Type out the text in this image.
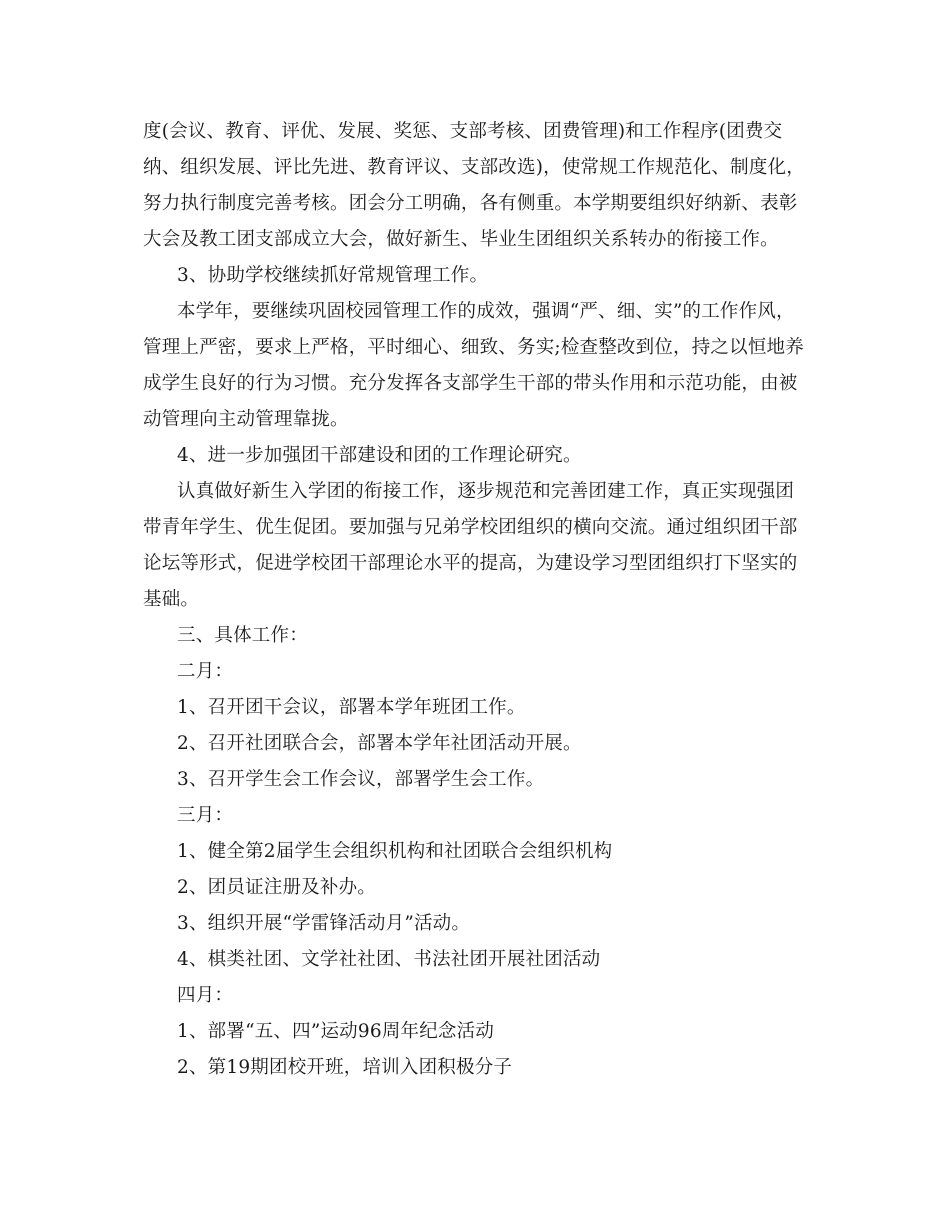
度(会议、教育、评优、发展、奖惩、支部考核、团费管理)和工作程序(团费交
纳、组织发展、评比先进、教育评议、支部改选)，使常规工作规范化、制度化，
努力执行制度完善考核。团会分工明确，各有侧重。本学期要组织好纳新、表彰
大会及教工团支部成立大会，做好新生、毕业生团组织关系转办的衔接工作。
3、协助学校继续抓好常规管理工作。
本学年，要继续巩固校园管理工作的成效，强调“严、细、实”的工作作风，
管理上严密，要求上严格，平时细心、细致、务实;检查整改到位，持之以恒地养
成学生良好的行为习惯。充分发挥各支部学生干部的带头作用和示范功能，由被
动管理向主动管理靠拢。
4、进一步加强团干部建设和团的工作理论研究。
认真做好新生入学团的衔接工作，逐步规范和完善团建工作，真正实现强团
带青年学生、优生促团。要加强与兄弟学校团组织的横向交流。通过组织团干部
论坛等形式，促进学校团干部理论水平的提高，为建设学习型团组织打下坚实的
基础。
三、具体工作：
二月：
1、召开团干会议，部署本学年班团工作。
2、召开社团联合会，部署本学年社团活动开展。
3、召开学生会工作会议，部署学生会工作。
三月：
1、健全第2届学生会组织机构和社团联合会组织机构
2、团员证注册及补办。
3、组织开展“学雷锋活动月”活动。
4、棋类社团、文学社社团、书法社团开展社团活动
四月：
1、部署“五、四”运动96周年纪念活动
2、第19期团校开班，培训入团积极分子
